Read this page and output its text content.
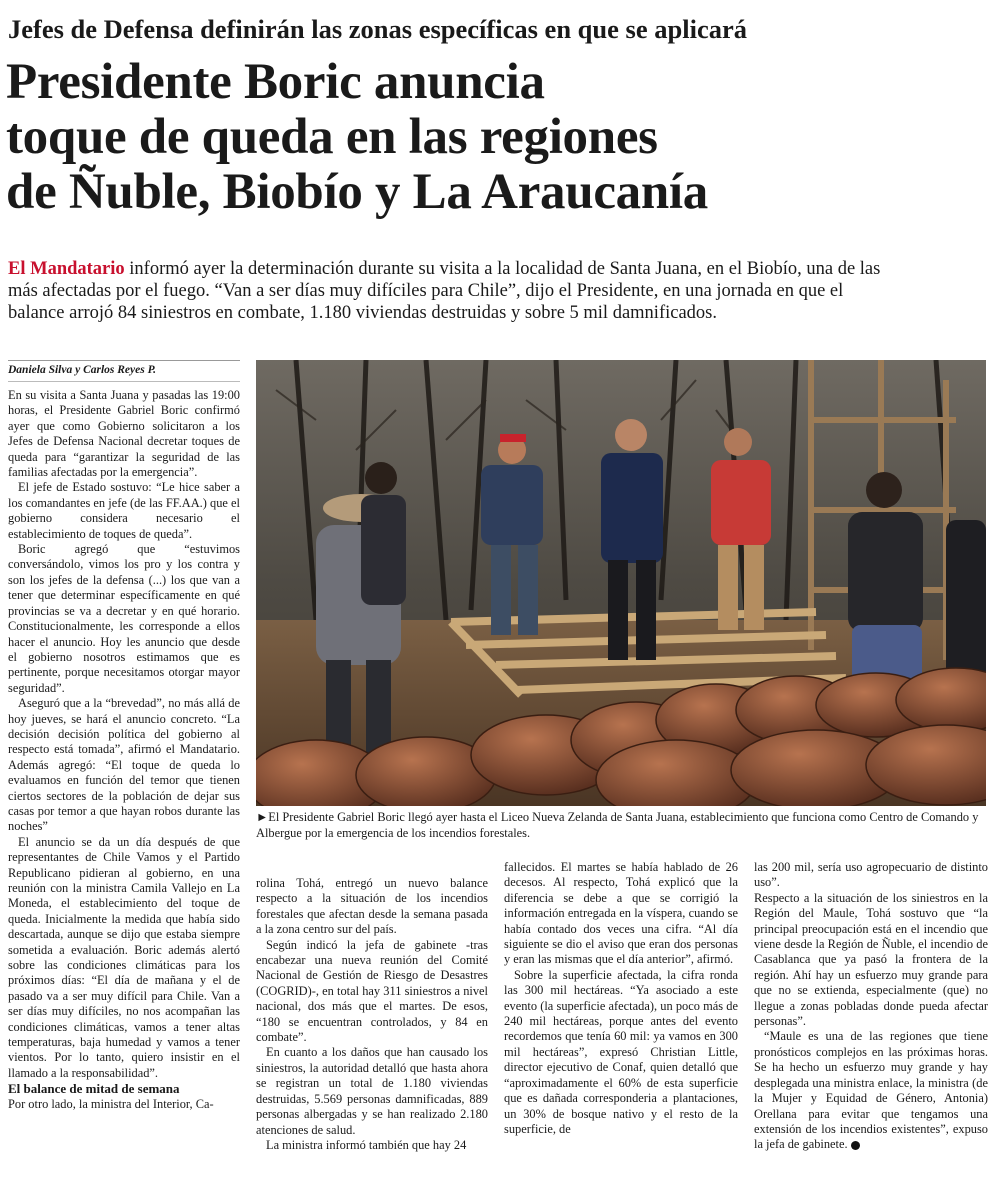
Jefes de Defensa definirán las zonas específicas en que se aplicará
Presidente Boric anuncia
toque de queda en las regiones
de Ñuble, Biobío y La Araucanía
El Mandatario informó ayer la determinación durante su visita a la localidad de Santa Juana, en el Biobío, una de las más afectadas por el fuego. “Van a ser días muy difíciles para Chile”, dijo el Presidente, en una jornada en que el balance arrojó 84 siniestros en combate, 1.180 viviendas destruidas y sobre 5 mil damnificados.
Daniela Silva y Carlos Reyes P.

En su visita a Santa Juana y pasadas las 19:00 horas, el Presidente Gabriel Boric confirmó ayer que como Gobierno solicitaron a los Jefes de Defensa Nacional decretar toques de queda para “garantizar la seguridad de las familias afectadas por la emergencia”.

El jefe de Estado sostuvo: “Le hice saber a los comandantes en jefe (de las FF.AA.) que el gobierno considera necesario el establecimiento de toques de queda”.

Boric agregó que “estuvimos conversándolo, vimos los pro y los contra y son los jefes de la defensa (...) los que van a tener que determinar específicamente en qué provincias se va a decretar y en qué horario. Constitucionalmente, les corresponde a ellos hacer el anuncio. Hoy les anuncio que desde el gobierno nosotros estimamos que es pertinente, porque necesitamos otorgar mayor seguridad”.

Aseguró que a la “brevedad”, no más allá de hoy jueves, se hará el anuncio concreto. “La decisión decisión política del gobierno al respecto está tomada”, afirmó el Mandatario. Además agregó: “El toque de queda lo evaluamos en función del temor que tienen ciertos sectores de la población de dejar sus casas por temor a que hayan robos durante las noches”

El anuncio se da un día después de que representantes de Chile Vamos y el Partido Republicano pidieran al gobierno, en una reunión con la ministra Camila Vallejo en La Moneda, el establecimiento del toque de queda. Inicialmente la medida que había sido descartada, aunque se dijo que estaba siempre sometida a evaluación. Boric además alertó sobre las condiciones climáticas para los próximos días: “El día de mañana y el de pasado va a ser muy difícil para Chile. Van a ser días muy difíciles, no nos acompañan las condiciones climáticas, vamos a tener altas temperaturas, baja humedad y vamos a tener vientos. Por lo tanto, quiero insistir en el llamado a la responsabilidad”.

El balance de mitad de semana

Por otro lado, la ministra del Interior, Ca-

►El Presidente Gabriel Boric llegó ayer hasta el Liceo Nueva Zelanda de Santa Juana, establecimiento que funciona como Centro de Comando y Albergue por la emergencia de los incendios forestales.

rolina Tohá, entregó un nuevo balance respecto a la situación de los incendios forestales que afectan desde la semana pasada a la zona centro sur del país.

Según indicó la jefa de gabinete -tras encabezar una nueva reunión del Comité Nacional de Gestión de Riesgo de Desastres (COGRID)-, en total hay 311 siniestros a nivel nacional, dos más que el martes. De esos, “180 se encuentran controlados, y 84 en combate”.

En cuanto a los daños que han causado los siniestros, la autoridad detalló que hasta ahora se registran un total de 1.180 viviendas destruidas, 5.569 personas damnificadas, 889 personas albergadas y se han realizado 2.180 atenciones de salud.

La ministra informó también que hay 24

fallecidos. El martes se había hablado de 26 decesos. Al respecto, Tohá explicó que la diferencia se debe a que se corrigió la información entregada en la víspera, cuando se había contado dos veces una cifra. “Al día siguiente se dio el aviso que eran dos personas y eran las mismas que el día anterior”, afirmó.

Sobre la superficie afectada, la cifra ronda las 300 mil hectáreas. “Ya asociado a este evento (la superficie afectada), un poco más de 240 mil hectáreas, porque antes del evento recordemos que tenía 60 mil: ya vamos en 300 mil hectáreas”, expresó Christian Little, director ejecutivo de Conaf, quien detalló que “aproximadamente el 60% de esta superficie que es dañada corresponderia a plantaciones, un 30% de bosque nativo y el resto de la superficie, de

las 200 mil, sería uso agropecuario de distinto uso”.

Respecto a la situación de los siniestros en la Región del Maule, Tohá sostuvo que “la principal preocupación está en el incendio que viene desde la Región de Ñuble, el incendio de Casablanca que ya pasó la frontera de la región. Ahí hay un esfuerzo muy grande para que no se extienda, especialmente (que) no llegue a zonas pobladas donde pueda afectar personas”.

“Maule es una de las regiones que tiene pronósticos complejos en las próximas horas. Se ha hecho un esfuerzo muy grande y hay desplegada una ministra enlace, la ministra (de la Mujer y Equidad de Género, Antonia) Orellana para evitar que tengamos una extensión de los incendios existentes”, expuso la jefa de gabinete.
